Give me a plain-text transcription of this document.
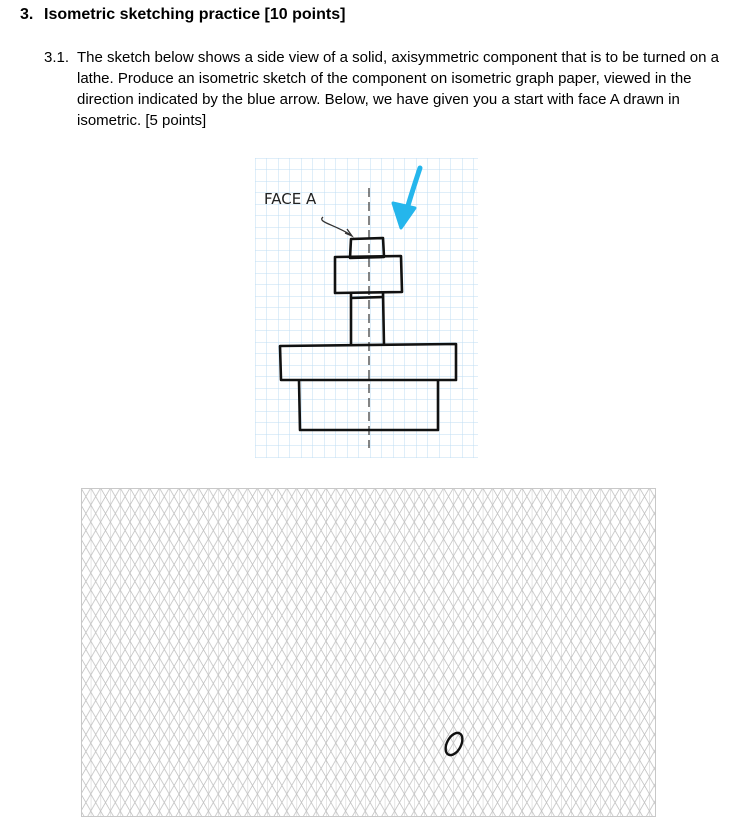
3. Isometric sketching practice [10 points]
3.1. The sketch below shows a side view of a solid, axisymmetric component that is to be turned on a lathe. Produce an isometric sketch of the component on isometric graph paper, viewed in the direction indicated by the blue arrow. Below, we have given you a start with face A drawn in isometric. [5 points]
FACE A
